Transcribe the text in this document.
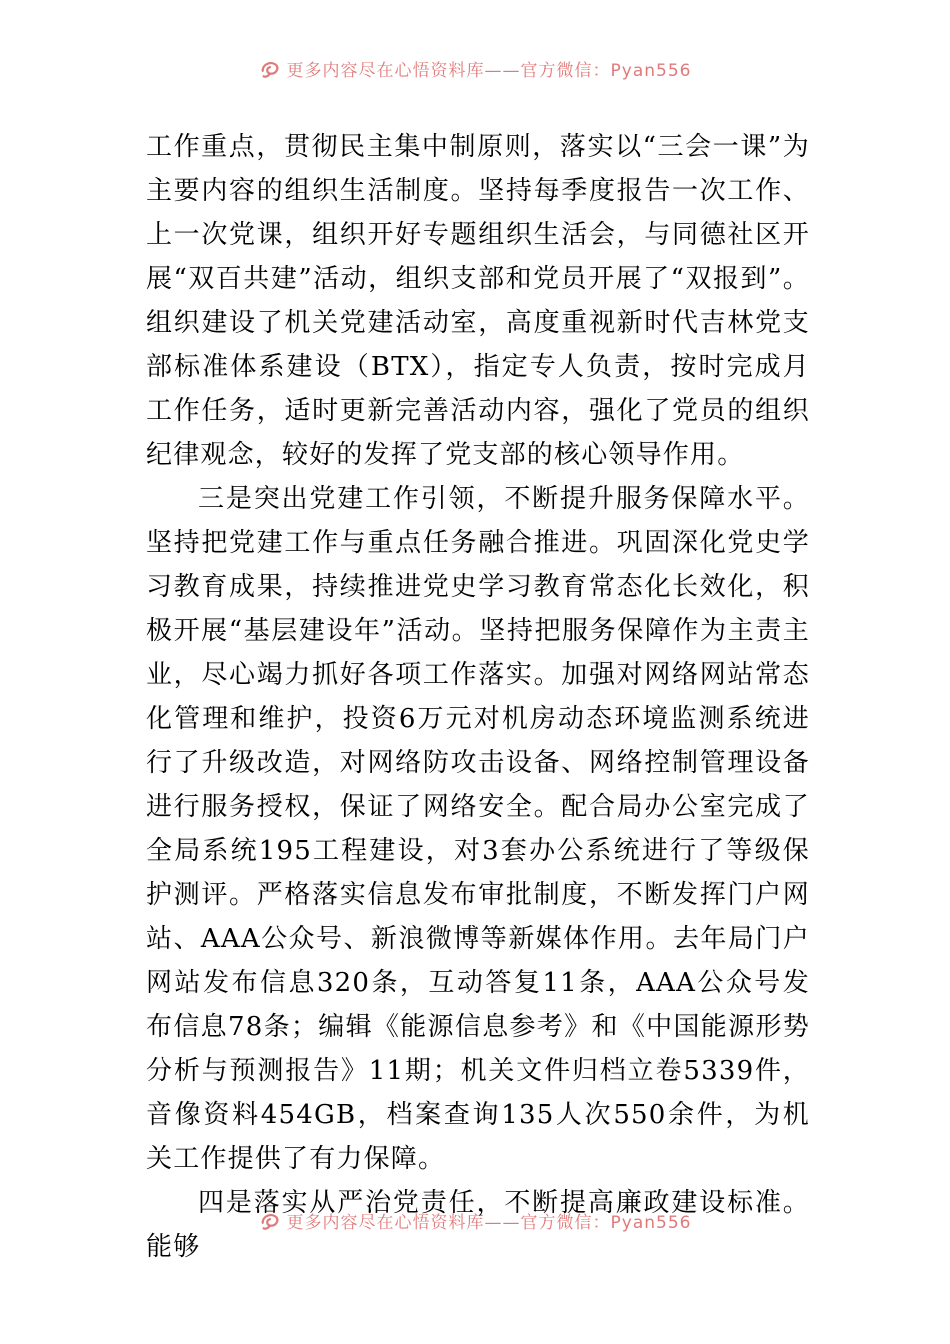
更多内容尽在心悟资料库——官方微信：Pyan556

工作重点，贯彻民主集中制原则，落实以“三会一课”为主要内容的组织生活制度。坚持每季度报告一次工作、上一次党课，组织开好专题组织生活会，与同德社区开展“双百共建”活动，组织支部和党员开展了“双报到”。组织建设了机关党建活动室，高度重视新时代吉林党支部标准体系建设（BTX），指定专人负责，按时完成月工作任务，适时更新完善活动内容，强化了党员的组织纪律观念，较好的发挥了党支部的核心领导作用。

三是突出党建工作引领，不断提升服务保障水平。坚持把党建工作与重点任务融合推进。巩固深化党史学习教育成果，持续推进党史学习教育常态化长效化，积极开展“基层建设年”活动。坚持把服务保障作为主责主业，尽心竭力抓好各项工作落实。加强对网络网站常态化管理和维护，投资6万元对机房动态环境监测系统进行了升级改造，对网络防攻击设备、网络控制管理设备进行服务授权，保证了网络安全。配合局办公室完成了全局系统195工程建设，对3套办公系统进行了等级保护测评。严格落实信息发布审批制度，不断发挥门户网站、AAA公众号、新浪微博等新媒体作用。去年局门户网站发布信息320条，互动答复11条，AAA公众号发布信息78条；编辑《能源信息参考》和《中国能源形势分析与预测报告》11期；机关文件归档立卷5339件，音像资料454GB，档案查询135人次550余件，为机关工作提供了有力保障。

四是落实从严治党责任，不断提高廉政建设标准。能够

更多内容尽在心悟资料库——官方微信：Pyan556
